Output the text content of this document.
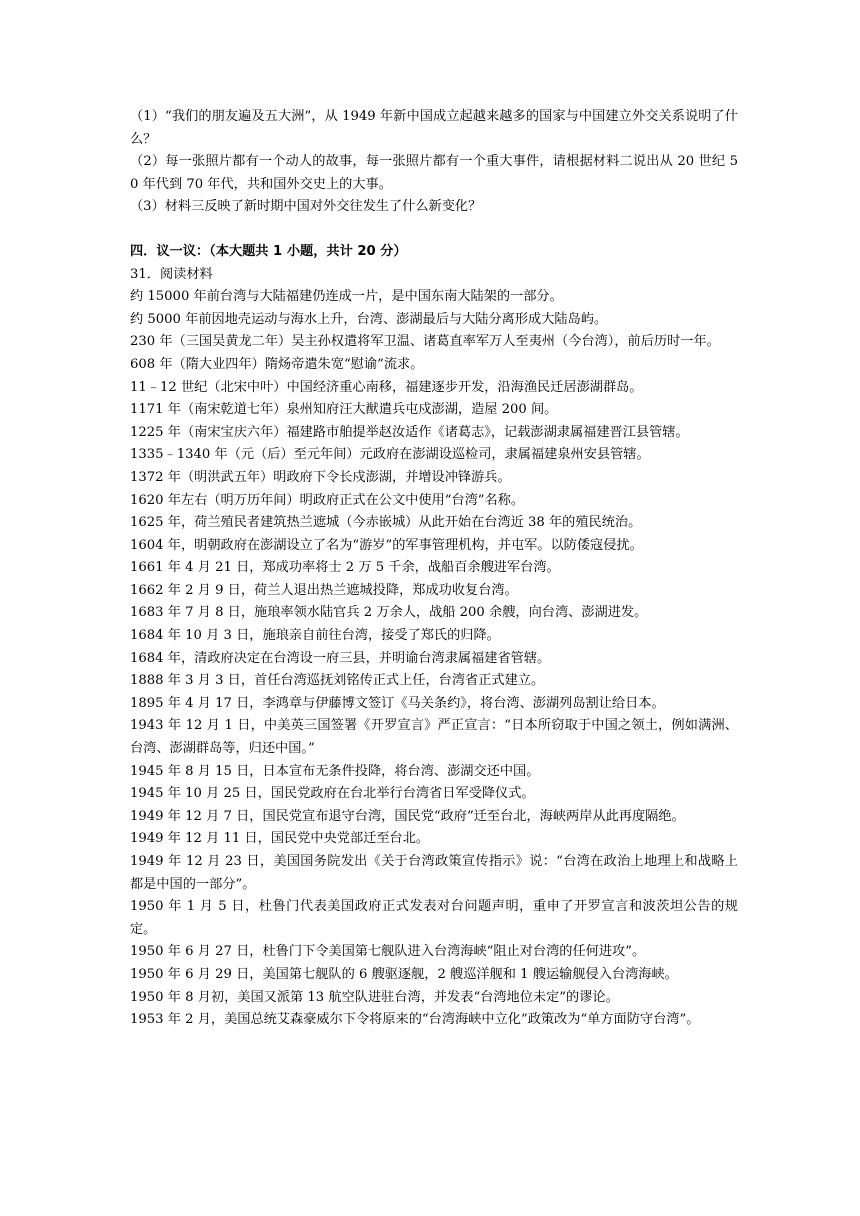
（1）“我们的朋友遍及五大洲”，从 1949 年新中国成立起越来越多的国家与中国建立外交关系说明了什么？

（2）每一张照片都有一个动人的故事，每一张照片都有一个重大事件，请根据材料二说出从 20 世纪 50 年代到 70 年代，共和国外交史上的大事。

（3）材料三反映了新时期中国对外交往发生了什么新变化？

四．议一议：（本大题共 1 小题，共计 20 分）

31．阅读材料

约 15000 年前台湾与大陆福建仍连成一片，是中国东南大陆架的一部分。

约 5000 年前因地壳运动与海水上升，台湾、澎湖最后与大陆分离形成大陆岛屿。

230 年（三国吴黄龙二年）吴主孙权遣将军卫温、诸葛直率军万人至夷州（今台湾），前后历时一年。

608 年（隋大业四年）隋炀帝遣朱宽“慰谕”流求。

11﹣12 世纪（北宋中叶）中国经济重心南移，福建逐步开发，沿海渔民迁居澎湖群岛。

1171 年（南宋乾道七年）泉州知府汪大猷遣兵屯戍澎湖，造屋 200 间。

1225 年（南宋宝庆六年）福建路市舶提举赵汝适作《诸葛志》，记载澎湖隶属福建晋江县管辖。

1335﹣1340 年（元（后）至元年间）元政府在澎湖设巡检司，隶属福建泉州安县管辖。

1372 年（明洪武五年）明政府下令长戍澎湖，并增设冲锋游兵。

1620 年左右（明万历年间）明政府正式在公文中使用“台湾”名称。

1625 年，荷兰殖民者建筑热兰遮城（今赤嵌城）从此开始在台湾近 38 年的殖民统治。

1604 年，明朝政府在澎湖设立了名为“游岁”的军事管理机构，并屯军。以防倭寇侵扰。

1661 年 4 月 21 日，郑成功率将士 2 万 5 千余，战船百余艘进军台湾。

1662 年 2 月 9 日，荷兰人退出热兰遮城投降，郑成功收复台湾。

1683 年 7 月 8 日，施琅率领水陆官兵 2 万余人，战船 200 余艘，向台湾、澎湖进发。

1684 年 10 月 3 日，施琅亲自前往台湾，接受了郑氏的归降。

1684 年，清政府决定在台湾设一府三县，并明谕台湾隶属福建省管辖。

1888 年 3 月 3 日，首任台湾巡抚刘铭传正式上任，台湾省正式建立。

1895 年 4 月 17 日，李鸿章与伊藤博文签订《马关条约》，将台湾、澎湖列岛割让给日本。

1943 年 12 月 1 日，中美英三国签署《开罗宣言》严正宣言：“日本所窃取于中国之领土，例如满洲、台湾、澎湖群岛等，归还中国。”

1945 年 8 月 15 日，日本宣布无条件投降，将台湾、澎湖交还中国。

1945 年 10 月 25 日，国民党政府在台北举行台湾省日军受降仪式。

1949 年 12 月 7 日，国民党宣布退守台湾，国民党“政府”迁至台北，海峡两岸从此再度隔绝。

1949 年 12 月 11 日，国民党中央党部迁至台北。

1949 年 12 月 23 日，美国国务院发出《关于台湾政策宣传指示》说：“台湾在政治上地理上和战略上都是中国的一部分”。

1950 年 1 月 5 日，杜鲁门代表美国政府正式发表对台问题声明，重申了开罗宣言和波茨坦公告的规定。

1950 年 6 月 27 日，杜鲁门下令美国第七舰队进入台湾海峡“阻止对台湾的任何进攻”。

1950 年 6 月 29 日，美国第七舰队的 6 艘驱逐舰，2 艘巡洋舰和 1 艘运输舰侵入台湾海峡。

1950 年 8 月初，美国又派第 13 航空队进驻台湾，并发表“台湾地位未定”的谬论。

1953 年 2 月，美国总统艾森豪威尔下令将原来的“台湾海峡中立化”政策改为“单方面防守台湾”。
